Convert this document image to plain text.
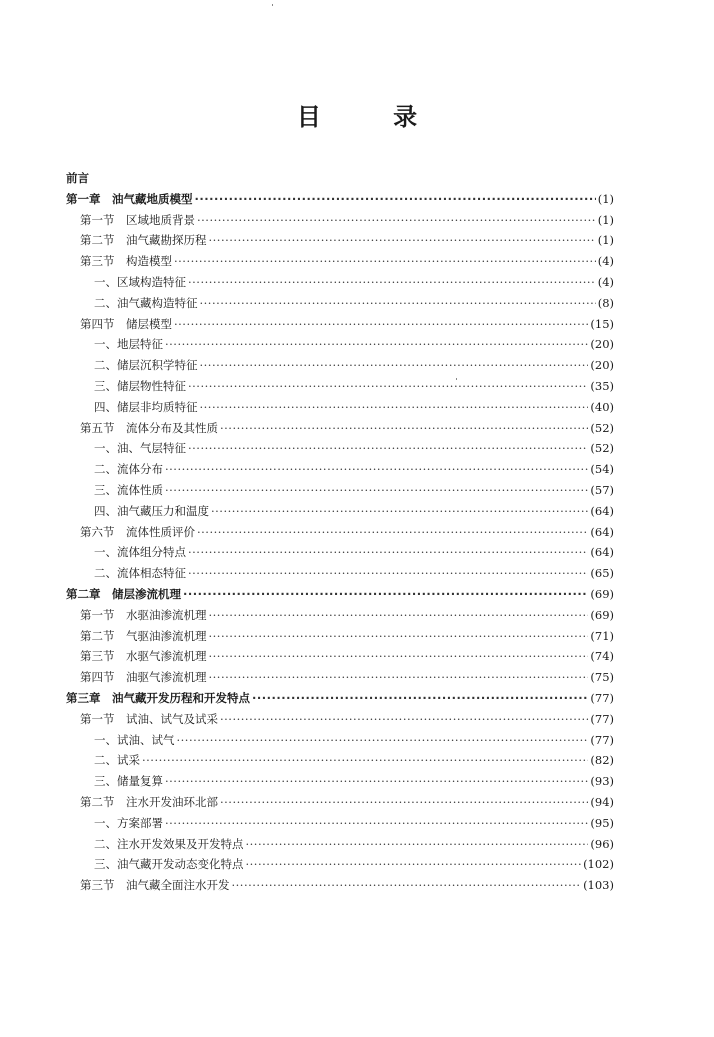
目 录
前言
第一章　油气藏地质模型 ·····	(1)
第一节　区域地质背景 ·····	(1)
第二节　油气藏勘探历程 ·····	(1)
第三节　构造模型 ·····	(4)
一、区域构造特征 ·····	(4)
二、油气藏构造特征 ·····	(8)
第四节　储层模型 ·····	(15)
一、地层特征 ·····	(20)
二、储层沉积学特征 ·····	(20)
三、储层物性特征 ·····	(35)
四、储层非均质特征 ·····	(40)
第五节　流体分布及其性质 ·····	(52)
一、油、气层特征 ·····	(52)
二、流体分布 ·····	(54)
三、流体性质 ·····	(57)
四、油气藏压力和温度 ·····	(64)
第六节　流体性质评价 ·····	(64)
一、流体组分特点 ·····	(64)
二、流体相态特征 ·····	(65)
第二章　储层渗流机理 ·····	(69)
第一节　水驱油渗流机理 ·····	(69)
第二节　气驱油渗流机理 ·····	(71)
第三节　水驱气渗流机理 ·····	(74)
第四节　油驱气渗流机理 ·····	(75)
第三章　油气藏开发历程和开发特点 ·····	(77)
第一节　试油、试气及试采 ·····	(77)
一、试油、试气 ·····	(77)
二、试采 ·····	(82)
三、储量复算 ·····	(93)
第二节　注水开发油环北部 ·····	(94)
一、方案部署 ·····	(95)
二、注水开发效果及开发特点 ·····	(96)
三、油气藏开发动态变化特点 ·····	(102)
第三节　油气藏全面注水开发 ·····	(103)
